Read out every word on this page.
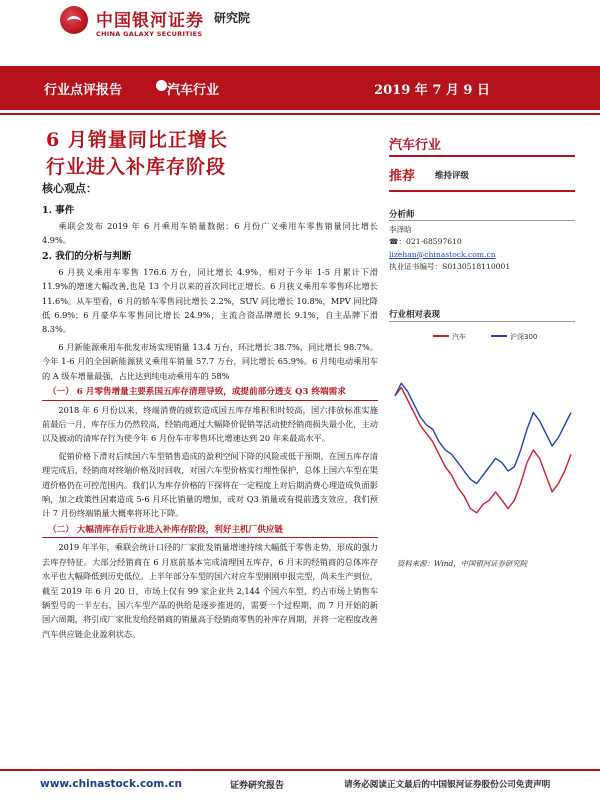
中国银河证券
CHINA GALAXY SECURITIES
研究院
行业点评报告	汽车行业	2019 年 7 月 9 日
6 月销量同比正增长
行业进入补库存阶段
核心观点：
1. 事件
乘联会发布 2019 年 6 月乘用车销量数据：6 月份广义乘用车零售销量同比增长 4.9%。
2. 我们的分析与判断
6 月狭义乘用车零售 176.6 万台，同比增长 4.9%，相对于今年 1-5 月累计下滑 11.9%的增速大幅改善,也是 13 个月以来的首次同比正增长。6 月狭义乘用车零售环比增长 11.6%。从车型看，6 月的轿车零售同比增长 2.2%，SUV 同比增长 10.8%，MPV 同比降低 6.9%；6 月豪华车零售同比增长 24.9%，主流合资品牌增长 9.1%，自主品牌下滑 8.3%。
6 月新能源乘用车批发市场实现销量 13.4 万台，环比增长 38.7%，同比增长 98.7%。今年 1-6 月的全国新能源狭义乘用车销量 57.7 万台，同比增长 65.9%。6 月纯电动乘用车的 A 级车增量最强，占比达到纯电动乘用车的 58%
（一） 6 月零售增量主要系国五库存清理导致，或提前部分透支 Q3 终端需求
2018 年 6 月份以来，终端消费的疲软造成国五库存堆积和时较高，国六排放标准实施前最后一月，库存压力仍然较高，经销商通过大幅降价促销等活动使经销商损失最小化，主动以及被动的清库存行为使今年 6 月份车市零售环比增速达到 20 年来最高水平。
促销价格下滑对后续国六车型销售造成的盈利空间下降的风险或低于预期，在国五库存清理完成后，经销商对终端价格及时回收，对国六车型价格实行埋性保护，总体上国六车型在渠道价格仍在可控范围内。我们认为库存价格的下探将在一定程度上对后期消费心理造成负面影响，加之政策性因素造成 5-6 月环比销量的增加，或对 Q3 销量或有提前透支效应，我们预计 7 月份终端销量大概率将环比下降。
（二） 大幅清库存后行业进入补库存阶段，利好主机厂供应链
2019 年半年，乘联会统计口径的厂家批发销量增速持续大幅低于零售走势，形成的强力去库存特征。大部分经销商在 6 月底前基本完成清理国五库存，6 月末的经销商的总体库存水平也大幅降低到历史低位。上半年部分车型的国六对应车型刚刚申报完型，尚未生产到位，截至 2019 年 6 月 20 日，市场上仅有 99 家企业共 2,144 个国六车型，约占市场上销售车辆型号的一半左右，国六车型产品的供给是逐步推进的，需要一个过程期，而 7 月开始的新国六周期，将引成厂家批发给经销商的销量高于经销商零售的补库存周期，并将一定程度改善汽车供应链企业盈利状态。
汽车行业
推荐 维持评级
分析师
李泽晗
☎：021-68597610
lizehan@chinastock.com.cn
执业证书编号：S0130518110001
行业相对表现
汽车	沪深300
资料来源：Wind，中国银河证券研究院
www.chinastock.com.cn	证券研究报告	请务必阅读正文最后的中国银河证券股份公司免责声明
